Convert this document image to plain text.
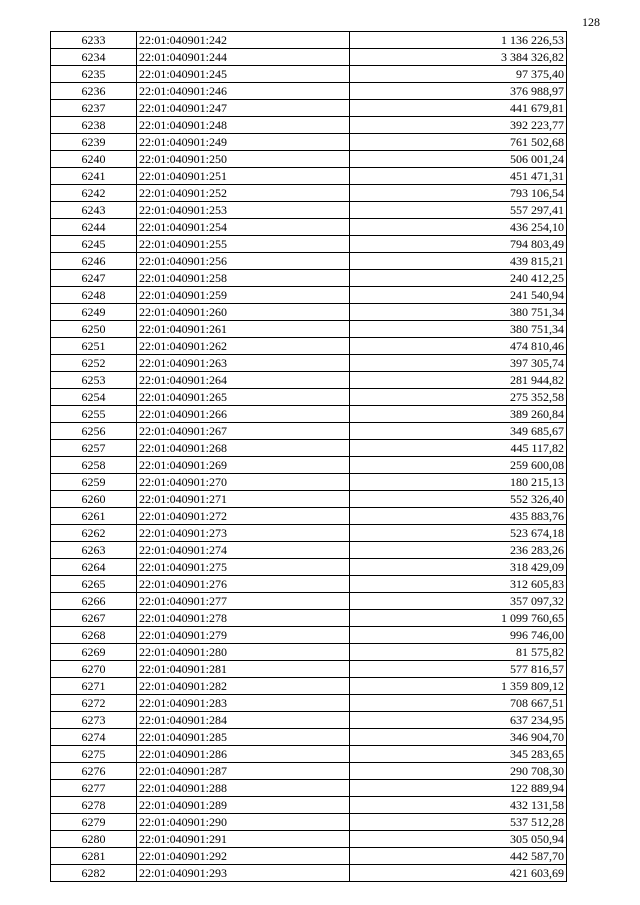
128
6233	22:01:040901:242	1 136 226,53
6234	22:01:040901:244	3 384 326,82
6235	22:01:040901:245	97 375,40
6236	22:01:040901:246	376 988,97
6237	22:01:040901:247	441 679,81
6238	22:01:040901:248	392 223,77
6239	22:01:040901:249	761 502,68
6240	22:01:040901:250	506 001,24
6241	22:01:040901:251	451 471,31
6242	22:01:040901:252	793 106,54
6243	22:01:040901:253	557 297,41
6244	22:01:040901:254	436 254,10
6245	22:01:040901:255	794 803,49
6246	22:01:040901:256	439 815,21
6247	22:01:040901:258	240 412,25
6248	22:01:040901:259	241 540,94
6249	22:01:040901:260	380 751,34
6250	22:01:040901:261	380 751,34
6251	22:01:040901:262	474 810,46
6252	22:01:040901:263	397 305,74
6253	22:01:040901:264	281 944,82
6254	22:01:040901:265	275 352,58
6255	22:01:040901:266	389 260,84
6256	22:01:040901:267	349 685,67
6257	22:01:040901:268	445 117,82
6258	22:01:040901:269	259 600,08
6259	22:01:040901:270	180 215,13
6260	22:01:040901:271	552 326,40
6261	22:01:040901:272	435 883,76
6262	22:01:040901:273	523 674,18
6263	22:01:040901:274	236 283,26
6264	22:01:040901:275	318 429,09
6265	22:01:040901:276	312 605,83
6266	22:01:040901:277	357 097,32
6267	22:01:040901:278	1 099 760,65
6268	22:01:040901:279	996 746,00
6269	22:01:040901:280	81 575,82
6270	22:01:040901:281	577 816,57
6271	22:01:040901:282	1 359 809,12
6272	22:01:040901:283	708 667,51
6273	22:01:040901:284	637 234,95
6274	22:01:040901:285	346 904,70
6275	22:01:040901:286	345 283,65
6276	22:01:040901:287	290 708,30
6277	22:01:040901:288	122 889,94
6278	22:01:040901:289	432 131,58
6279	22:01:040901:290	537 512,28
6280	22:01:040901:291	305 050,94
6281	22:01:040901:292	442 587,70
6282	22:01:040901:293	421 603,69
